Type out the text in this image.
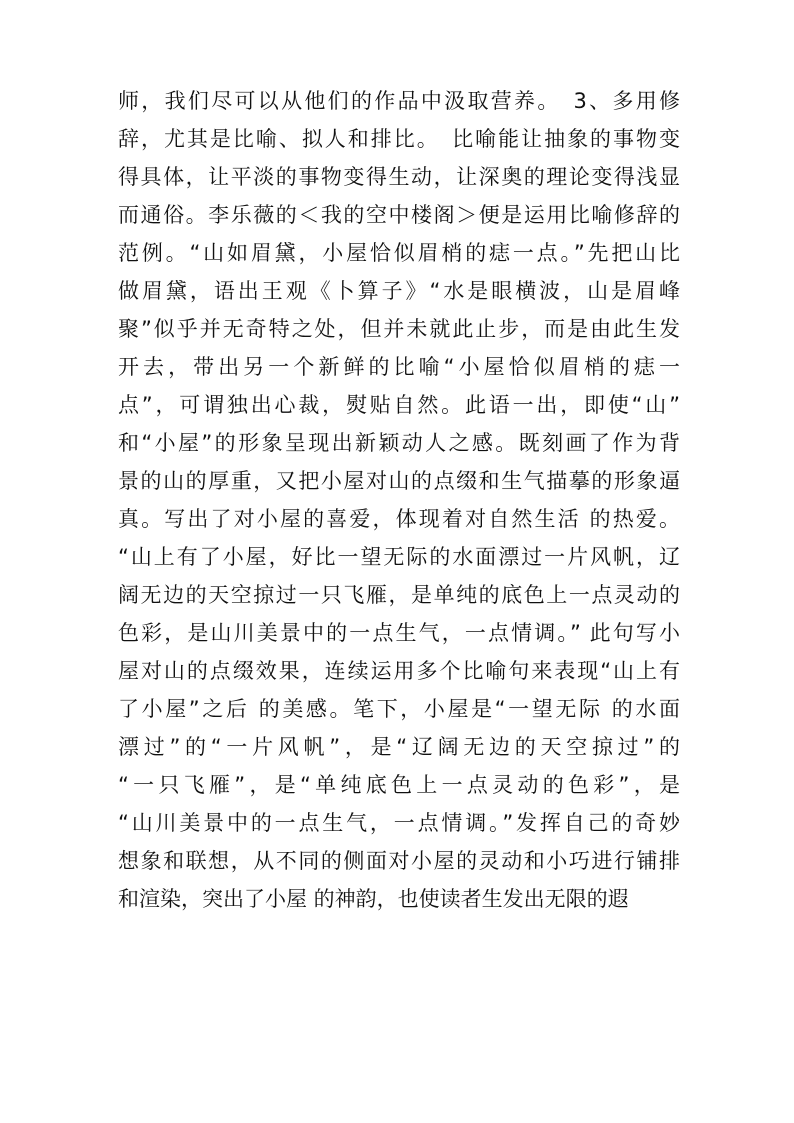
师，我们尽可以从他们的作品中汲取营养。　3、多用修
辞，尤其是比喻、拟人和排比。　比喻能让抽象的事物变
得具体，让平淡的事物变得生动，让深奥的理论变得浅显
而通俗。李乐薇的＜我的空中楼阁＞便是运用比喻修辞的
范例。“山如眉黛，小屋恰似眉梢的痣一点。”先把山比
做眉黛，语出王观《卜算子》“水是眼横波，山是眉峰
聚”似乎并无奇特之处，但并未就此止步，而是由此生发
开去，带出另一个新鲜的比喻“小屋恰似眉梢的痣一
点”，可谓独出心裁，熨贴自然。此语一出，即使“山”
和“小屋”的形象呈现出新颖动人之感。既刻画了作为背
景的山的厚重，又把小屋对山的点缀和生气描摹的形象逼
真。写出了对小屋的喜爱，体现着对自然生活 的热爱。
“山上有了小屋，好比一望无际的水面漂过一片风帆，辽
阔无边的天空掠过一只飞雁，是单纯的底色上一点灵动的
色彩，是山川美景中的一点生气，一点情调。” 此句写小
屋对山的点缀效果，连续运用多个比喻句来表现“山上有
了小屋”之后 的美感。笔下，小屋是“一望无际 的水面
漂过”的“一片风帆”，是“辽阔无边的天空掠过”的
“一只飞雁”，是“单纯底色上一点灵动的色彩”，是
“山川美景中的一点生气，一点情调。”发挥自己的奇妙
想象和联想，从不同的侧面对小屋的灵动和小巧进行铺排
和渲染，突出了小屋 的神韵，也使读者生发出无限的遐
